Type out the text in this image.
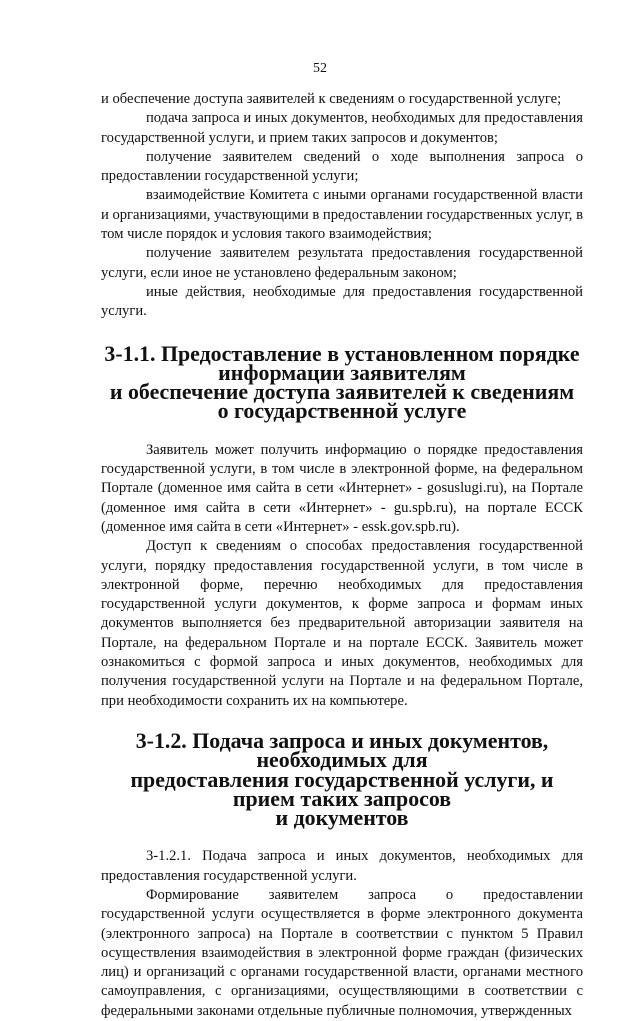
52

и обеспечение доступа заявителей к сведениям о государственной услуге;

подача запроса и иных документов, необходимых для предоставления государственной услуги, и прием таких запросов и документов;

получение заявителем сведений о ходе выполнения запроса о предоставлении государственной услуги;

взаимодействие Комитета с иными органами государственной власти и организациями, участвующими в предоставлении государственных услуг, в том числе порядок и условия такого взаимодействия;

получение заявителем результата предоставления государственной услуги, если иное не установлено федеральным законом;

иные действия, необходимые для предоставления государственной услуги.

3-1.1. Предоставление в установленном порядке информации заявителям
и обеспечение доступа заявителей к сведениям
о государственной услуге

Заявитель может получить информацию о порядке предоставления государственной услуги, в том числе в электронной форме, на федеральном Портале (доменное имя сайта в сети «Интернет» - gosuslugi.ru), на Портале (доменное имя сайта в сети «Интернет» - gu.spb.ru), на портале ЕССК (доменное имя сайта в сети «Интернет» - essk.gov.spb.ru).

Доступ к сведениям о способах предоставления государственной услуги, порядку предоставления государственной услуги, в том числе в электронной форме, перечню необходимых для предоставления государственной услуги документов, к форме запроса и формам иных документов выполняется без предварительной авторизации заявителя на Портале, на федеральном Портале и на портале ЕССК. Заявитель может ознакомиться с формой запроса и иных документов, необходимых для получения государственной услуги на Портале и на федеральном Портале, при необходимости сохранить их на компьютере.

3-1.2. Подача запроса и иных документов, необходимых для
предоставления государственной услуги, и прием таких запросов
и документов

3-1.2.1. Подача запроса и иных документов, необходимых для предоставления государственной услуги.

Формирование заявителем запроса о предоставлении государственной услуги осуществляется в форме электронного документа (электронного запроса) на Портале в соответствии с пунктом 5 Правил осуществления взаимодействия в электронной форме граждан (физических лиц) и организаций с органами государственной власти, органами местного самоуправления, с организациями, осуществляющими в соответствии с федеральными законами отдельные публичные полномочия, утвержденных
